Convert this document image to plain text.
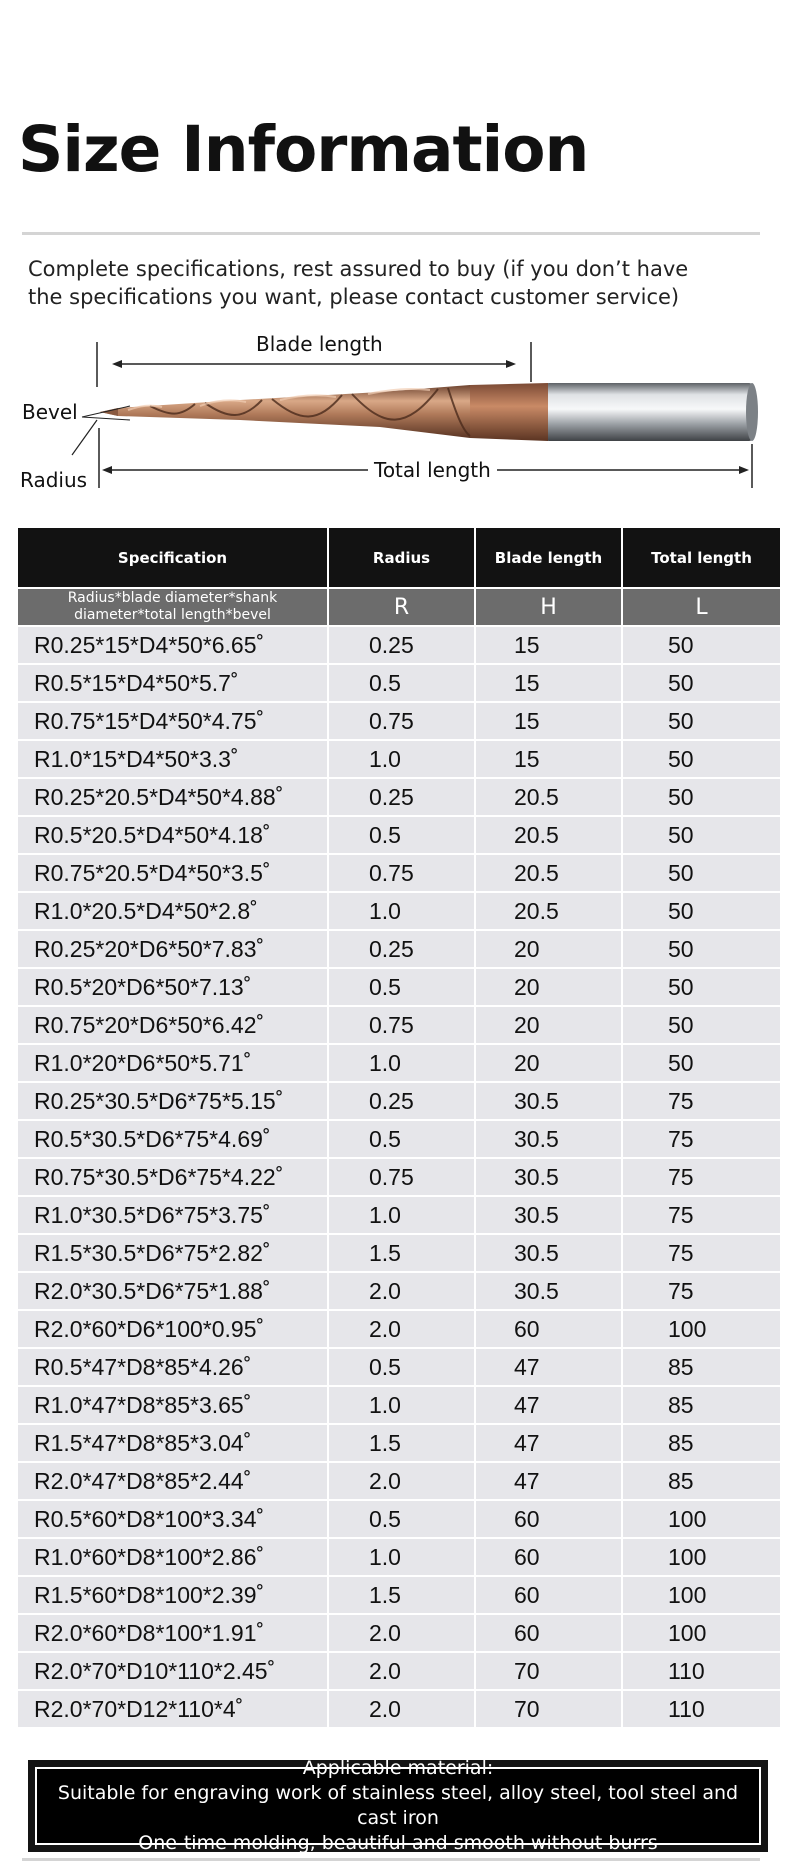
Size Information
Complete specifications, rest assured to buy (if you don’t have
the specifications you want, please contact customer service)
Blade length
Total length
Bevel
Radius
Specification	Radius	Blade length	Total length

Radius*blade diameter*shank
diameter*total length*bevel	R	H	L
R0.25*15*D4*50*6.65˚	0.25	15	50
R0.5*15*D4*50*5.7˚	0.5	15	50
R0.75*15*D4*50*4.75˚	0.75	15	50
R1.0*15*D4*50*3.3˚	1.0	15	50
R0.25*20.5*D4*50*4.88˚	0.25	20.5	50
R0.5*20.5*D4*50*4.18˚	0.5	20.5	50
R0.75*20.5*D4*50*3.5˚	0.75	20.5	50
R1.0*20.5*D4*50*2.8˚	1.0	20.5	50
R0.25*20*D6*50*7.83˚	0.25	20	50
R0.5*20*D6*50*7.13˚	0.5	20	50
R0.75*20*D6*50*6.42˚	0.75	20	50
R1.0*20*D6*50*5.71˚	1.0	20	50
R0.25*30.5*D6*75*5.15˚	0.25	30.5	75
R0.5*30.5*D6*75*4.69˚	0.5	30.5	75
R0.75*30.5*D6*75*4.22˚	0.75	30.5	75
R1.0*30.5*D6*75*3.75˚	1.0	30.5	75
R1.5*30.5*D6*75*2.82˚	1.5	30.5	75
R2.0*30.5*D6*75*1.88˚	2.0	30.5	75
R2.0*60*D6*100*0.95˚	2.0	60	100
R0.5*47*D8*85*4.26˚	0.5	47	85
R1.0*47*D8*85*3.65˚	1.0	47	85
R1.5*47*D8*85*3.04˚	1.5	47	85
R2.0*47*D8*85*2.44˚	2.0	47	85
R0.5*60*D8*100*3.34˚	0.5	60	100
R1.0*60*D8*100*2.86˚	1.0	60	100
R1.5*60*D8*100*2.39˚	1.5	60	100
R2.0*60*D8*100*1.91˚	2.0	60	100
R2.0*70*D10*110*2.45˚	2.0	70	110
R2.0*70*D12*110*4˚	2.0	70	110
Applicable material:
Suitable for engraving work of stainless steel, alloy steel, tool steel and cast iron
One-time molding, beautiful and smooth without burrs
